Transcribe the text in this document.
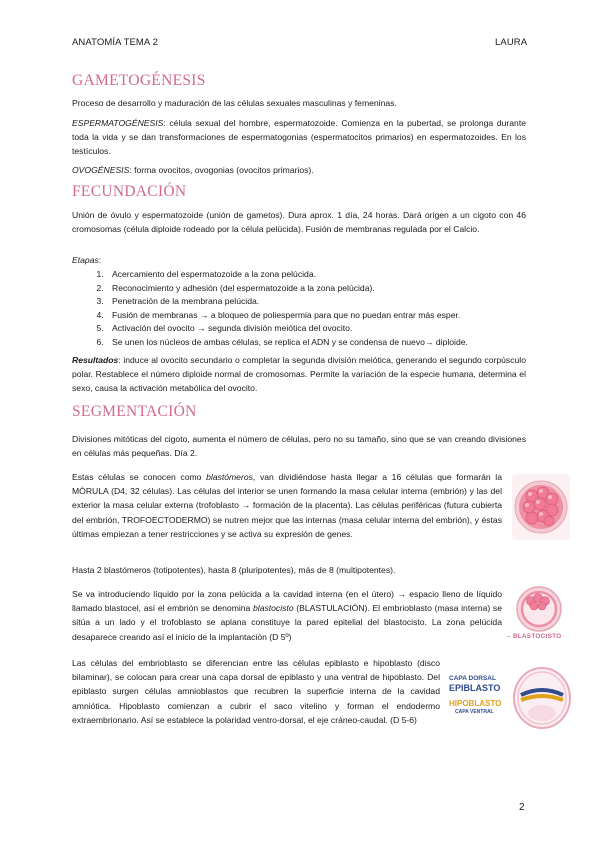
ANATOMÍA TEMA 2	LAURA
GAMETOGÉNESIS
Proceso de desarrollo y maduración de las células sexuales masculinas y femeninas.
ESPERMATOGÉNESIS: célula sexual del hombre, espermatozoide. Comienza en la pubertad, se prolonga durante toda la vida y se dan transformaciones de espermatogonias (espermatocitos primarios) en espermatozoides. En los testículos.
OVOGÉNESIS: forma ovocitos, ovogonias (ovocitos primarios).
FECUNDACIÓN
Unión de óvulo y espermatozoide (unión de gametos). Dura aprox. 1 día, 24 horas. Dará origen a un cigoto con 46 cromosomas (célula diploide rodeado por la célula pelúcida). Fusión de membranas regulada por el Calcio.
Etapas:
1. Acercamiento del espermatozoide a la zona pelúcida.
2. Reconocimiento y adhesión (del espermatozoide a la zona pelúcida).
3. Penetración de la membrana pelúcida.
4. Fusión de membranas → a bloqueo de poliespermia para que no puedan entrar más esper.
5. Activación del ovocito → segunda división meiótica del ovocito.
6. Se unen los núcleos de ambas células, se replica el ADN y se condensa de nuevo→ diploide.
Resultados: induce al ovocito secundario o completar la segunda división meiótica, generando el segundo corpúsculo polar. Restablece el número diploide normal de cromosomas. Permite la variación de la especie humana, determina el sexo, causa la activación metabólica del ovocito.
SEGMENTACIÓN
Divisiones mitóticas del cigoto, aumenta el número de células, pero no su tamaño, sino que se van creando divisiones en células más pequeñas. Día 2.
Estas células se conocen como blastómeros, van dividiéndose hasta llegar a 16 células que formarán la MÓRULA (D4, 32 células). Las células del interior se unen formando la masa celular interna (embrión) y las del exterior la masa celular externa (trofoblasto → formación de la placenta). Las células periféricas (futura cubierta del embrión, TROFOECTODERMO) se nutren mejor que las internas (masa celular interna del embrión), y éstas últimas empiezan a tener restricciones y se activa su expresión de genes.
Hasta 2 blastómeros (totipotentes), hasta 8 (pluripotentes), más de 8 (multipotentes).
Se va introduciendo líquido por la zona pelúcida a la cavidad interna (en el útero) → espacio lleno de líquido llamado blastocel, así el embrión se denomina blastocisto (BLASTULACIÓN). El embrioblasto (masa interna) se sitúa a un lado y el trofoblasto se aplana constituye la pared epitelial del blastocisto. La zona pelúcida desaparece creando así el inicio de la implantación (D 5º)
Las células del embrioblasto se diferencian entre las células epiblasto e hipoblasto (disco bilaminar), se colocan para crear una capa dorsal de epiblasto y una ventral de hipoblasto. Del epiblasto surgen células amnioblastos que recubren la superficie interna de la cavidad amniótica. Hipoblasto comienzan a cubrir el saco vitelino y forman el endodermo extraembrionario. Así se establece la polaridad ventro-dorsal, el eje cráneo-caudal. (D 5-6)
– BLASTOCISTO
CAPA DORSAL
EPIBLASTO
HIPOBLASTO
CAPA VENTRAL
2
